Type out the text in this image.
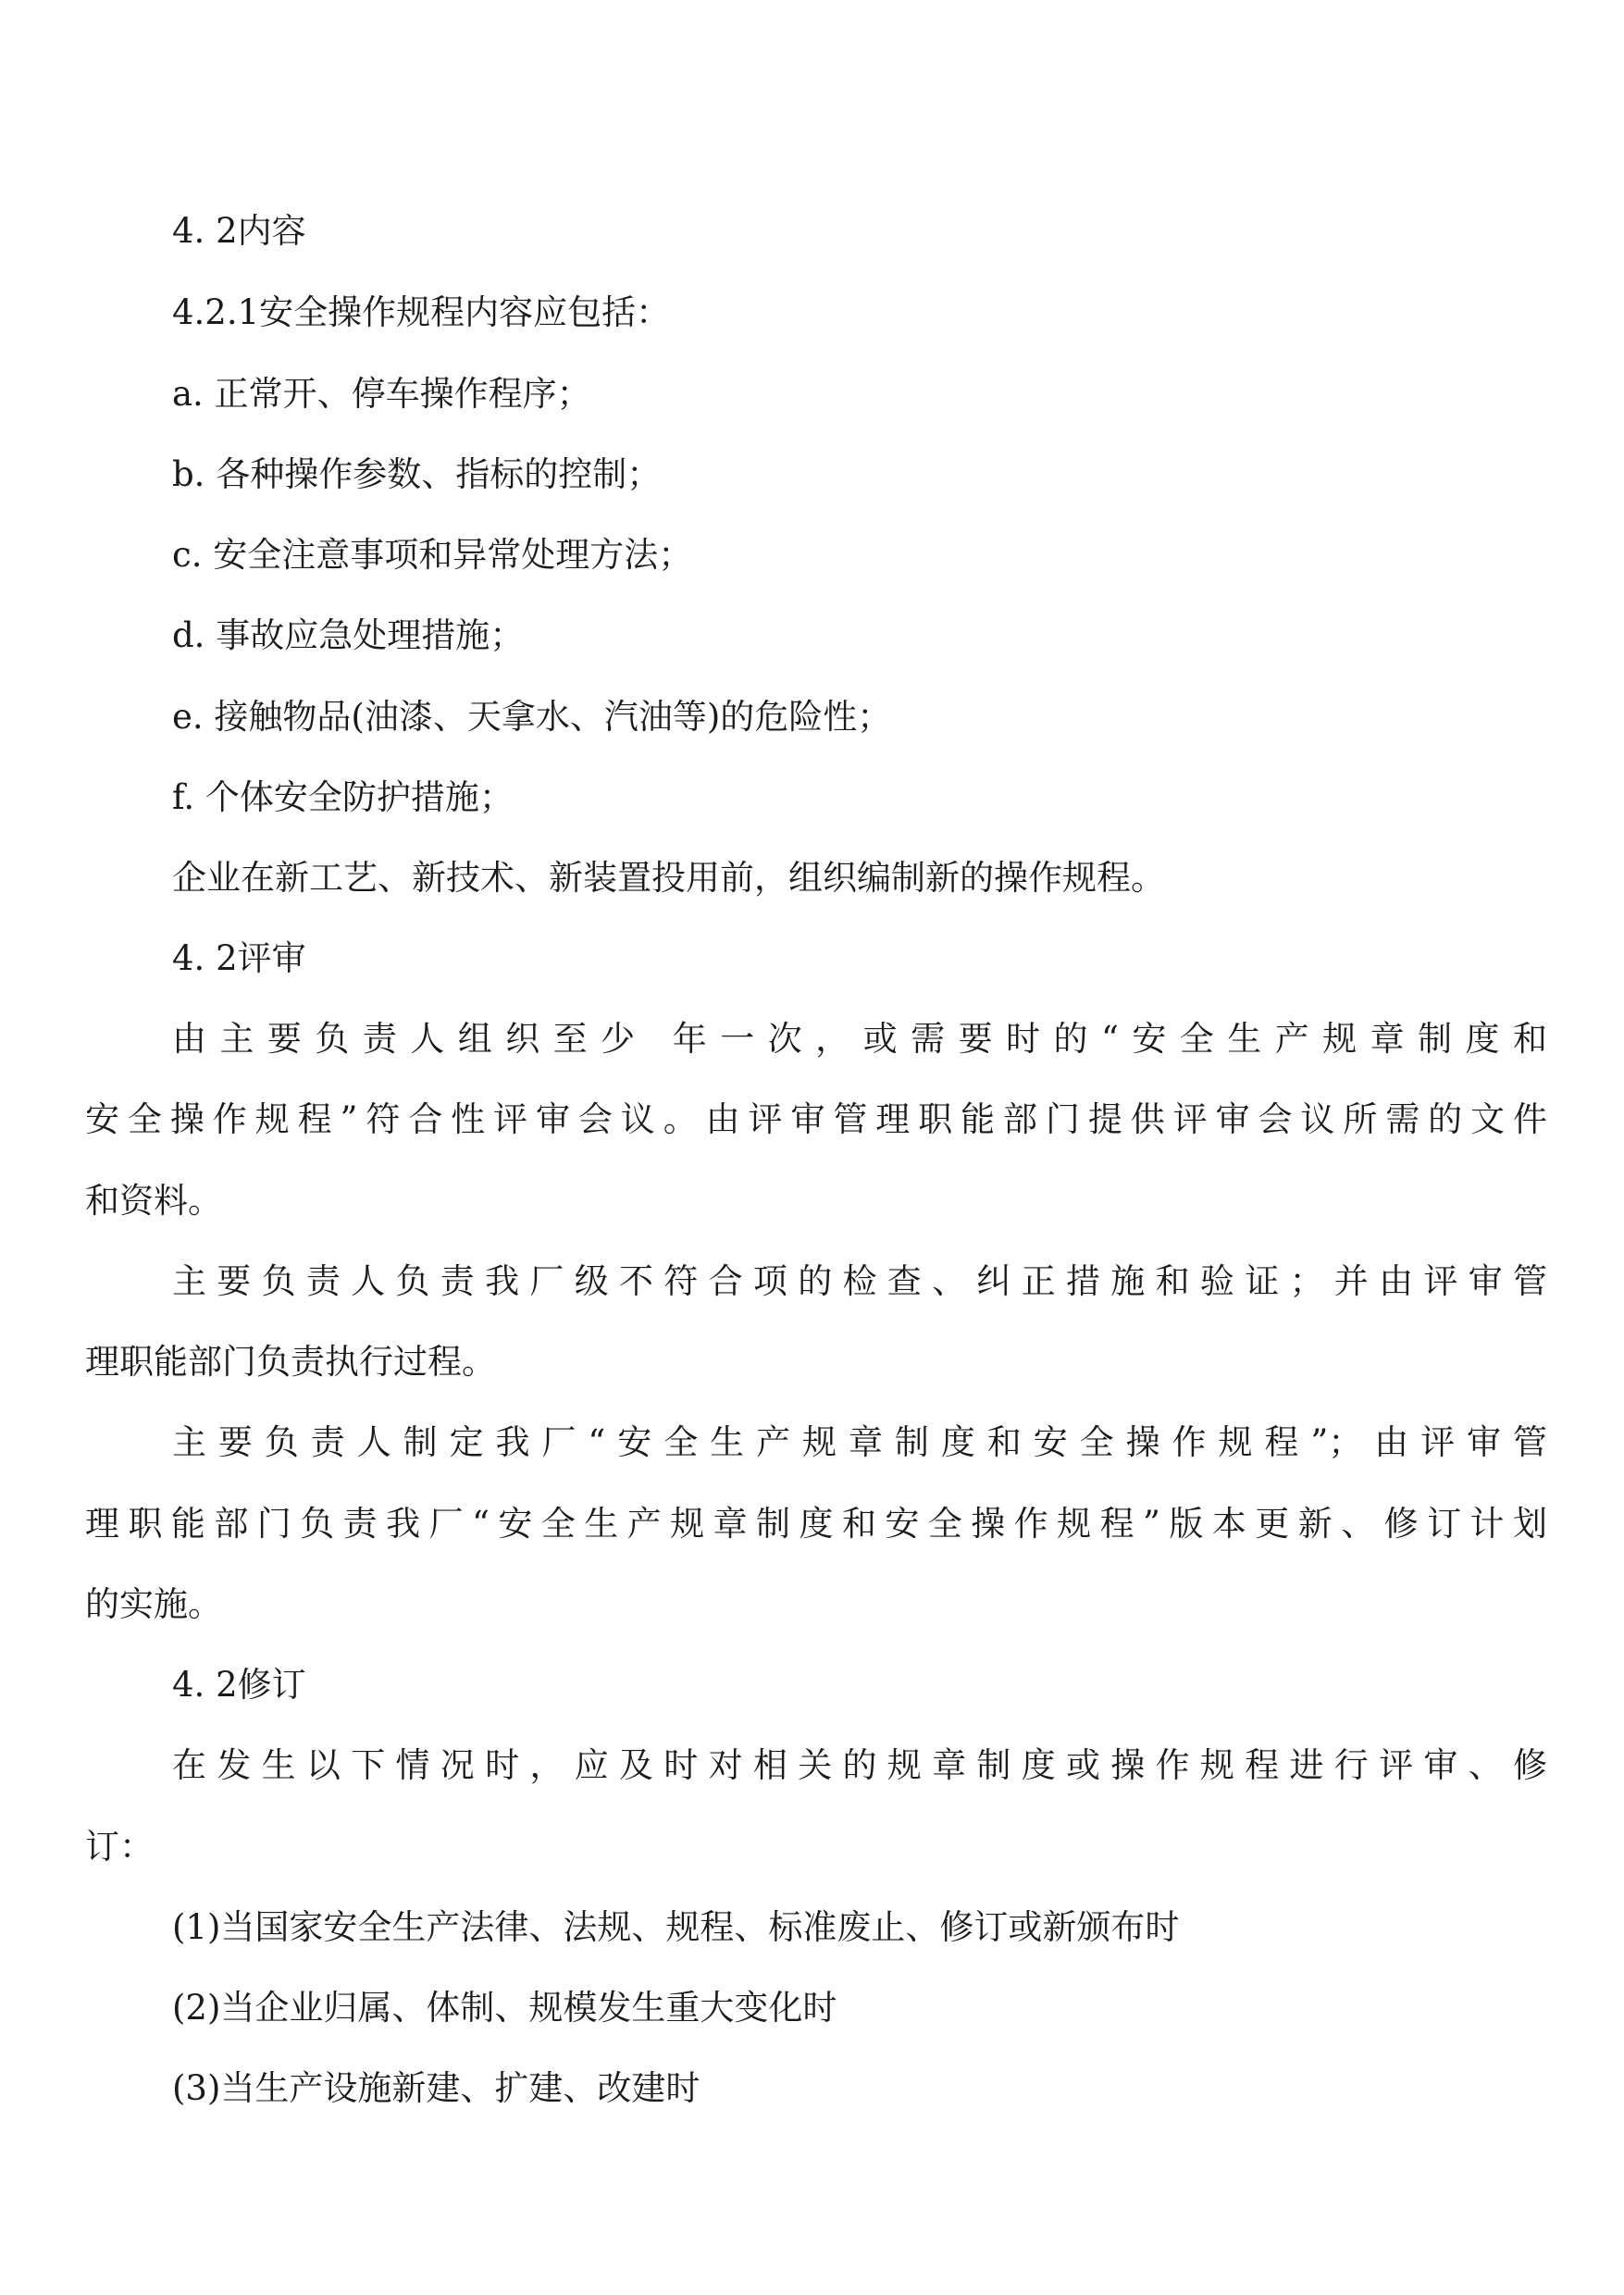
4. 2内容
4.2.1安全操作规程内容应包括：
a. 正常开、停车操作程序；
b. 各种操作参数、指标的控制；
c. 安全注意事项和异常处理方法；
d. 事故应急处理措施；
e. 接触物品(油漆、天拿水、汽油等)的危险性；
f. 个体安全防护措施；
企业在新工艺、新技术、新装置投用前，组织编制新的操作规程。
4. 2评审
由主要负责人组织至少 年一次，或需要时的“安全生产规章制度和
安全操作规程”符合性评审会议。由评审管理职能部门提供评审会议所需的文件
和资料。
主要负责人负责我厂级不符合项的检查、纠正措施和验证；并由评审管
理职能部门负责执行过程。
主要负责人制定我厂“安全生产规章制度和安全操作规程”；由评审管
理职能部门负责我厂“安全生产规章制度和安全操作规程”版本更新、修订计划
的实施。
4. 2修订
在发生以下情况时，应及时对相关的规章制度或操作规程进行评审、修
订：
(1)当国家安全生产法律、法规、规程、标准废止、修订或新颁布时
(2)当企业归属、体制、规模发生重大变化时
(3)当生产设施新建、扩建、改建时
